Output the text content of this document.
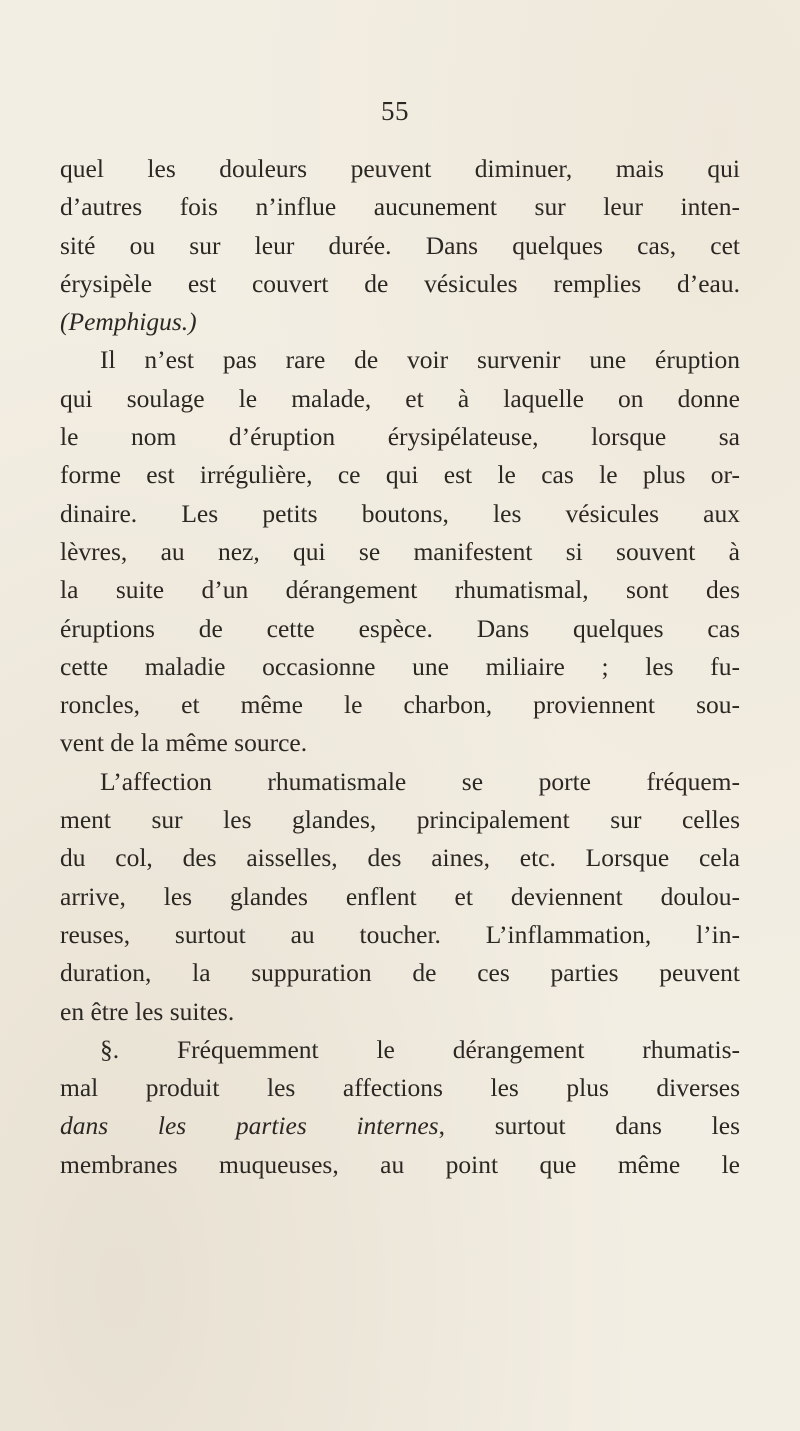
55
quel les douleurs peuvent diminuer, mais qui
d’autres fois n’influe aucunement sur leur inten-
sité ou sur leur durée. Dans quelques cas, cet
érysipèle est couvert de vésicules remplies d’eau.
(Pemphigus.)
Il n’est pas rare de voir survenir une éruption
qui soulage le malade, et à laquelle on donne
le nom d’éruption érysipélateuse, lorsque sa
forme est irrégulière, ce qui est le cas le plus or-
dinaire. Les petits boutons, les vésicules aux
lèvres, au nez, qui se manifestent si souvent à
la suite d’un dérangement rhumatismal, sont des
éruptions de cette espèce. Dans quelques cas
cette maladie occasionne une miliaire ; les fu-
roncles, et même le charbon, proviennent sou-
vent de la même source.
L’affection rhumatismale se porte fréquem-
ment sur les glandes, principalement sur celles
du col, des aisselles, des aines, etc. Lorsque cela
arrive, les glandes enflent et deviennent doulou-
reuses, surtout au toucher. L’inflammation, l’in-
duration, la suppuration de ces parties peuvent
en être les suites.
§. Fréquemment le dérangement rhumatis-
mal produit les affections les plus diverses
dans les parties internes, surtout dans les
membranes muqueuses, au point que même le
